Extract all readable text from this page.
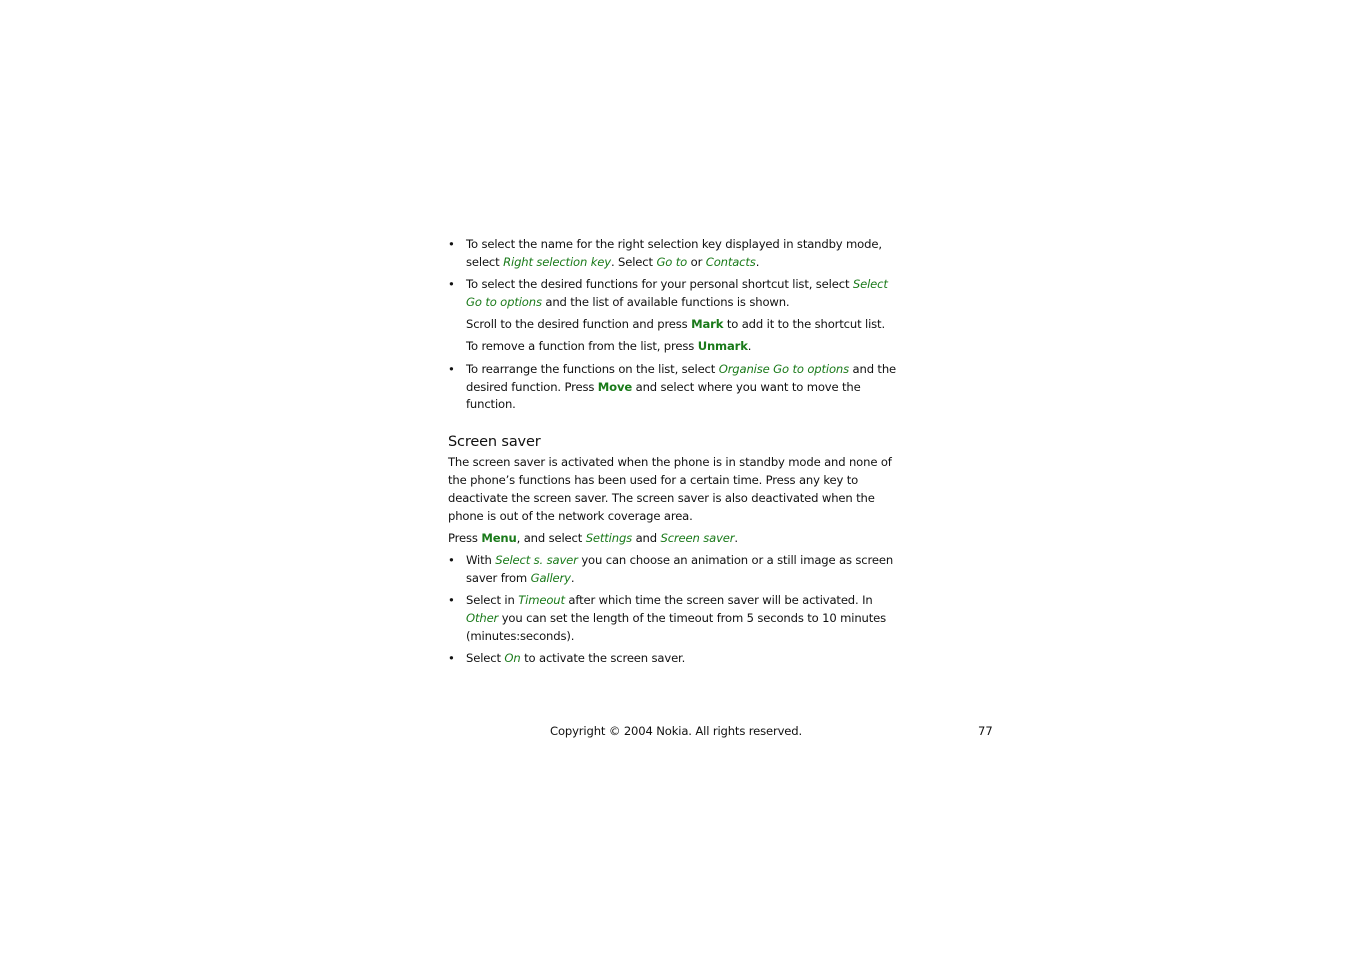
• To select the name for the right selection key displayed in standby mode, select Right selection key. Select Go to or Contacts.
• To select the desired functions for your personal shortcut list, select Select Go to options and the list of available functions is shown.
Scroll to the desired function and press Mark to add it to the shortcut list.
To remove a function from the list, press Unmark.
• To rearrange the functions on the list, select Organise Go to options and the desired function. Press Move and select where you want to move the function.
Screen saver

The screen saver is activated when the phone is in standby mode and none of the phone’s functions has been used for a certain time. Press any key to deactivate the screen saver. The screen saver is also deactivated when the phone is out of the network coverage area.

Press Menu, and select Settings and Screen saver.

• With Select s. saver you can choose an animation or a still image as screen saver from Gallery.
• Select in Timeout after which time the screen saver will be activated. In Other you can set the length of the timeout from 5 seconds to 10 minutes (minutes:seconds).
• Select On to activate the screen saver.
Copyright © 2004 Nokia. All rights reserved.	77
